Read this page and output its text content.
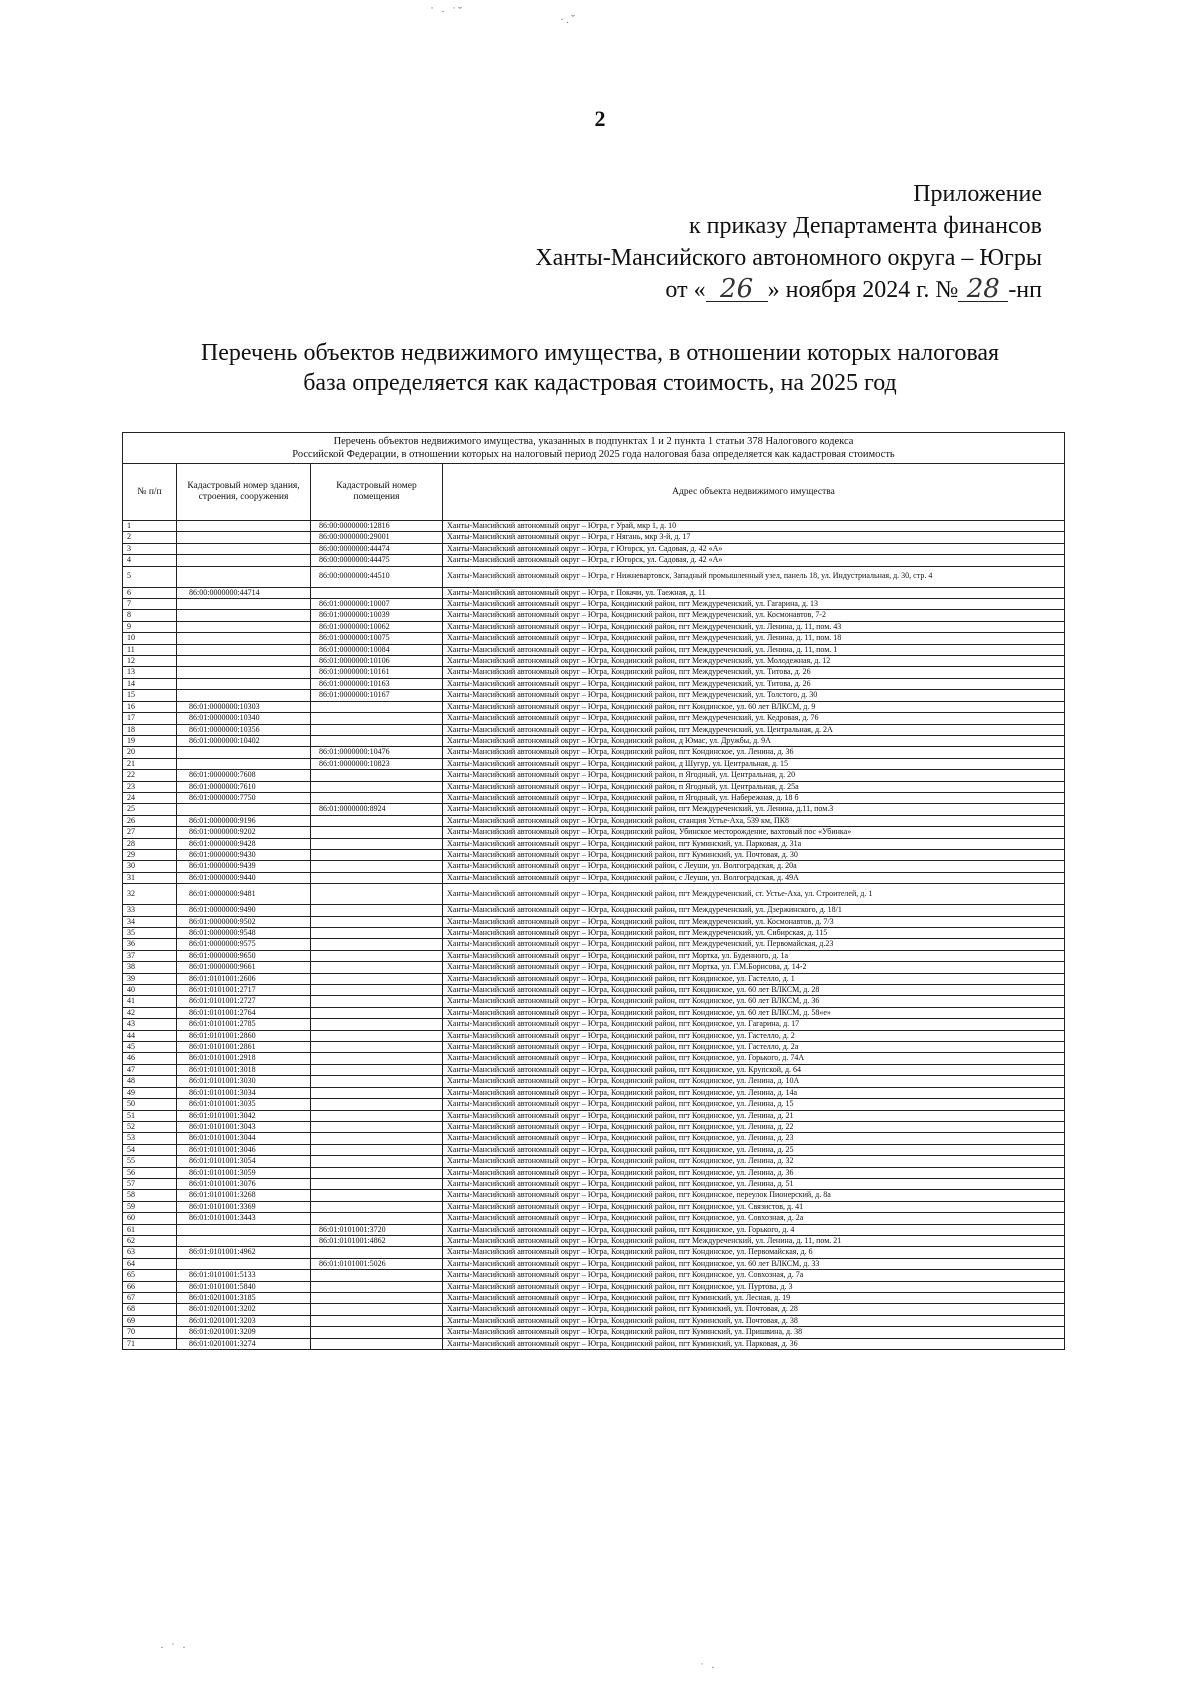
˙ · ˙ˇ
·.ˇ
2
Приложение
к приказу Департамента финансов
Ханты-Мансийского автономного округа – Югры
от « 26 » ноября 2024 г. № 28 -нп
Перечень объектов недвижимого имущества, в отношении которых налоговая
база определяется как кадастровая стоимость, на 2025 год
Перечень объектов недвижимого имущества, указанных в подпунктах 1 и 2 пункта 1 статьи 378 Налогового кодекса
Российской Федерации, в отношении которых на налоговый период 2025 года налоговая база определяется как кадастровая стоимость			
№ п/п	Кадастровый номер здания, строения, сооружения	Кадастровый номер помещения	Адрес объекта недвижимого имущества
1		86:00:0000000:12816	Ханты-Мансийский автономный округ – Югра, г Урай, мкр 1, д. 10
2		86:00:0000000:29001	Ханты-Мансийский автономный округ – Югра, г Нягань, мкр 3-й, д. 17
3		86:00:0000000:44474	Ханты-Мансийский автономный округ – Югра, г Югорск, ул. Садовая, д. 42 «А»
4		86:00:0000000:44475	Ханты-Мансийский автономный округ – Югра, г Югорск, ул. Садовая, д. 42 «А»
5		86:00:0000000:44510	Ханты-Мансийский автономный округ – Югра, г Нижневартовск, Западный промышленный узел, панель 18, ул. Индустриальная, д. 30, стр. 4
6	86:00:0000000:44714		Ханты-Мансийский автономный округ – Югра, г Покачи, ул. Таежная, д. 11
7		86:01:0000000:10007	Ханты-Мансийский автономный округ – Югра, Кондинский район, пгт Междуреченский, ул. Гагарина, д. 13
8		86:01:0000000:10039	Ханты-Мансийский автономный округ – Югра, Кондинский район, пгт Междуреченский, ул. Космонавтов, 7-2
9		86:01:0000000:10062	Ханты-Мансийский автономный округ – Югра, Кондинский район, пгт Междуреченский, ул. Ленина, д. 11, пом. 43
10		86:01:0000000:10075	Ханты-Мансийский автономный округ – Югра, Кондинский район, пгт Междуреченский, ул. Ленина, д. 11, пом. 18
11		86:01:0000000:10084	Ханты-Мансийский автономный округ – Югра, Кондинский район, пгт Междуреченский, ул. Ленина, д. 11, пом. 1
12		86:01:0000000:10106	Ханты-Мансийский автономный округ – Югра, Кондинский район, пгт Междуреченский, ул. Молодежная, д. 12
13		86:01:0000000:10161	Ханты-Мансийский автономный округ – Югра, Кондинский район, пгт Междуреченский, ул. Титова, д. 26
14		86:01:0000000:10163	Ханты-Мансийский автономный округ – Югра, Кондинский район, пгт Междуреченский, ул. Титова, д. 26
15		86:01:0000000:10167	Ханты-Мансийский автономный округ – Югра, Кондинский район, пгт Междуреченский, ул. Толстого, д. 30
16	86:01:0000000:10303		Ханты-Мансийский автономный округ – Югра, Кондинский район, пгт Кондинское, ул. 60 лет ВЛКСМ, д. 9
17	86:01:0000000:10340		Ханты-Мансийский автономный округ – Югра, Кондинский район, пгт Междуреченский, ул. Кедровая, д. 76
18	86:01:0000000:10356		Ханты-Мансийский автономный округ – Югра, Кондинский район, пгт Междуреченский, ул. Центральная, д. 2А
19	86:01:0000000:10402		Ханты-Мансийский автономный округ – Югра, Кондинский район, д Юмас, ул. Дружбы, д. 9А
20		86:01:0000000:10476	Ханты-Мансийский автономный округ – Югра, Кондинский район, пгт Кондинское, ул. Ленина, д. 36
21		86:01:0000000:10823	Ханты-Мансийский автономный округ – Югра, Кондинский район, д Шугур, ул. Центральная, д. 15
22	86:01:0000000:7608		Ханты-Мансийский автономный округ – Югра, Кондинский район, п Ягодный, ул. Центральная, д. 20
23	86:01:0000000:7610		Ханты-Мансийский автономный округ – Югра, Кондинский район, п Ягодный, ул. Центральная, д. 25а
24	86:01:0000000:7750		Ханты-Мансийский автономный округ – Югра, Кондинский район, п Ягодный, ул. Набережная, д. 18 б
25		86:01:0000000:8924	Ханты-Мансийский автономный округ – Югра, Кондинский район, пгт Междуреченский, ул. Ленина, д.11, пом.3
26	86:01:0000000:9196		Ханты-Мансийский автономный округ – Югра, Кондинский район, станция Устье-Аха, 539 км, ПК8
27	86:01:0000000:9202		Ханты-Мансийский автономный округ – Югра, Кондинский район, Убинское месторождение, вахтовый пос «Убинка»
28	86:01:0000000:9428		Ханты-Мансийский автономный округ – Югра, Кондинский район, пгт Куминский, ул. Парковая, д. 31а
29	86:01:0000000:9430		Ханты-Мансийский автономный округ – Югра, Кондинский район, пгт Куминский, ул. Почтовая, д. 30
30	86:01:0000000:9439		Ханты-Мансийский автономный округ – Югра, Кондинский район, с Леуши, ул. Волгоградская, д. 20а
31	86:01:0000000:9440		Ханты-Мансийский автономный округ – Югра, Кондинский район, с Леуши, ул. Волгоградская, д. 49А
32	86:01:0000000:9481		Ханты-Мансийский автономный округ – Югра, Кондинский район, пгт Междуреченский, ст. Устье-Аха, ул. Строителей, д. 1
33	86:01:0000000:9490		Ханты-Мансийский автономный округ – Югра, Кондинский район, пгт Междуреченский, ул. Дзержинского, д. 18/1
34	86:01:0000000:9502		Ханты-Мансийский автономный округ – Югра, Кондинский район, пгт Междуреченский, ул. Космонавтов, д. 7/3
35	86:01:0000000:9548		Ханты-Мансийский автономный округ – Югра, Кондинский район, пгт Междуреченский, ул. Сибирская, д. 115
36	86:01:0000000:9575		Ханты-Мансийский автономный округ – Югра, Кондинский район, пгт Междуреченский, ул. Первомайская, д.23
37	86:01:0000000:9650		Ханты-Мансийский автономный округ – Югра, Кондинский район, пгт Мортка, ул. Буденного, д. 1а
38	86:01:0000000:9661		Ханты-Мансийский автономный округ – Югра, Кондинский район, пгт Мортка, ул. Г.М.Борисова, д. 14-2
39	86:01:0101001:2606		Ханты-Мансийский автономный округ – Югра, Кондинский район, пгт Кондинское, ул. Гастелло, д. 1
40	86:01:0101001:2717		Ханты-Мансийский автономный округ – Югра, Кондинский район, пгт Кондинское, ул. 60 лет ВЛКСМ, д. 28
41	86:01:0101001:2727		Ханты-Мансийский автономный округ – Югра, Кондинский район, пгт Кондинское, ул. 60 лет ВЛКСМ, д. 36
42	86:01:0101001:2764		Ханты-Мансийский автономный округ – Югра, Кондинский район, пгт Кондинское, ул. 60 лет ВЛКСМ, д. 58«е»
43	86:01:0101001:2785		Ханты-Мансийский автономный округ – Югра, Кондинский район, пгт Кондинское, ул. Гагарина, д. 17
44	86:01:0101001:2860		Ханты-Мансийский автономный округ – Югра, Кондинский район, пгт Кондинское, ул. Гастелло, д. 2
45	86:01:0101001:2861		Ханты-Мансийский автономный округ – Югра, Кондинский район, пгт Кондинское, ул. Гастелло, д. 2а
46	86:01:0101001:2918		Ханты-Мансийский автономный округ – Югра, Кондинский район, пгт Кондинское, ул. Горького, д. 74А
47	86:01:0101001:3018		Ханты-Мансийский автономный округ – Югра, Кондинский район, пгт Кондинское, ул. Крупской, д. 64
48	86:01:0101001:3030		Ханты-Мансийский автономный округ – Югра, Кондинский район, пгт Кондинское, ул. Ленина, д. 10А
49	86:01:0101001:3034		Ханты-Мансийский автономный округ – Югра, Кондинский район, пгт Кондинское, ул. Ленина, д. 14а
50	86:01:0101001:3035		Ханты-Мансийский автономный округ – Югра, Кондинский район, пгт Кондинское, ул. Ленина, д. 15
51	86:01:0101001:3042		Ханты-Мансийский автономный округ – Югра, Кондинский район, пгт Кондинское, ул. Ленина, д. 21
52	86:01:0101001:3043		Ханты-Мансийский автономный округ – Югра, Кондинский район, пгт Кондинское, ул. Ленина, д. 22
53	86:01:0101001:3044		Ханты-Мансийский автономный округ – Югра, Кондинский район, пгт Кондинское, ул. Ленина, д. 23
54	86:01:0101001:3046		Ханты-Мансийский автономный округ – Югра, Кондинский район, пгт Кондинское, ул. Ленина, д. 25
55	86:01:0101001:3054		Ханты-Мансийский автономный округ – Югра, Кондинский район, пгт Кондинское, ул. Ленина, д. 32
56	86:01:0101001:3059		Ханты-Мансийский автономный округ – Югра, Кондинский район, пгт Кондинское, ул. Ленина, д. 36
57	86:01:0101001:3076		Ханты-Мансийский автономный округ – Югра, Кондинский район, пгт Кондинское, ул. Ленина, д. 51
58	86:01:0101001:3268		Ханты-Мансийский автономный округ – Югра, Кондинский район, пгт Кондинское, переулок Пионерский, д. 8а
59	86:01:0101001:3369		Ханты-Мансийский автономный округ – Югра, Кондинский район, пгт Кондинское, ул. Связистов, д. 41
60	86:01:0101001:3443		Ханты-Мансийский автономный округ – Югра, Кондинский район, пгт Кондинское, ул. Совхозная, д. 2а
61		86:01:0101001:3720	Ханты-Мансийский автономный округ – Югра, Кондинский район, пгт Кондинское, ул. Горького, д. 4
62		86:01:0101001:4862	Ханты-Мансийский автономный округ – Югра, Кондинский район, пгт Междуреченский, ул. Ленина, д. 11, пом. 21
63	86:01:0101001:4962		Ханты-Мансийский автономный округ – Югра, Кондинский район, пгт Кондинское, ул. Первомайская, д. 6
64		86:01:0101001:5026	Ханты-Мансийский автономный округ – Югра, Кондинский район, пгт Кондинское, ул. 60 лет ВЛКСМ, д. 33
65	86:01:0101001:5133		Ханты-Мансийский автономный округ – Югра, Кондинский район, пгт Кондинское, ул. Совхозная, д. 7а
66	86:01:0101001:5840		Ханты-Мансийский автономный округ – Югра, Кондинский район, пгт Кондинское, ул. Пуртова, д. 3
67	86:01:0201001:3185		Ханты-Мансийский автономный округ – Югра, Кондинский район, пгт Куминский, ул. Лесная, д. 19
68	86:01:0201001:3202		Ханты-Мансийский автономный округ – Югра, Кондинский район, пгт Куминский, ул. Почтовая, д. 28
69	86:01:0201001:3203		Ханты-Мансийский автономный округ – Югра, Кондинский район, пгт Куминский, ул. Почтовая, д. 38
70	86:01:0201001:3209		Ханты-Мансийский автономный округ – Югра, Кондинский район, пгт Куминский, ул. Пришвина, д. 38
71	86:01:0201001:3274		Ханты-Мансийский автономный округ – Югра, Кондинский район, пгт Куминский, ул. Парковая, д. 36
· ˙ ·
˙ ·
